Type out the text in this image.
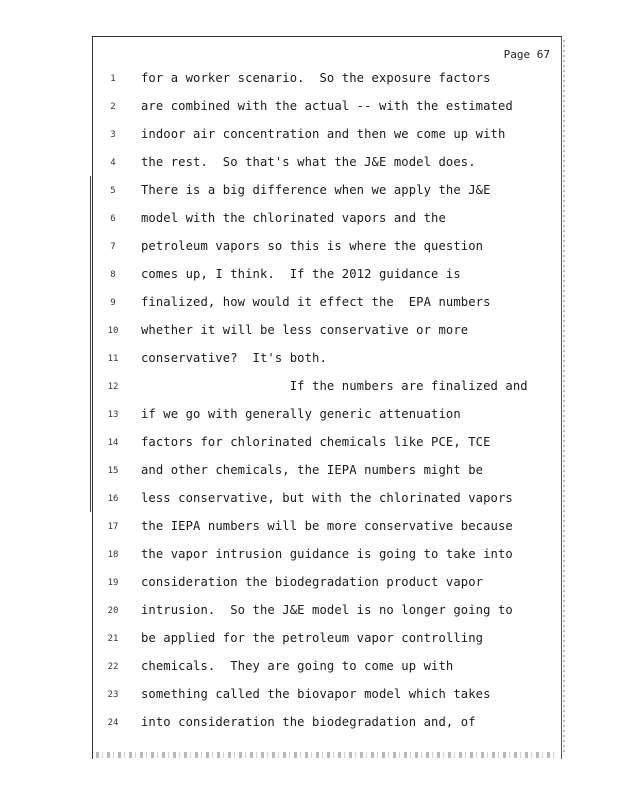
Page 67
1	for a worker scenario.  So the exposure factors
2	are combined with the actual -- with the estimated
3	indoor air concentration and then we come up with
4	the rest.  So that's what the J&E model does.
5	There is a big difference when we apply the J&E
6	model with the chlorinated vapors and the
7	petroleum vapors so this is where the question
8	comes up, I think.  If the 2012 guidance is
9	finalized, how would it effect the  EPA numbers
10	whether it will be less conservative or more
11	conservative?  It's both.
12	If the numbers are finalized and
13	if we go with generally generic attenuation
14	factors for chlorinated chemicals like PCE, TCE
15	and other chemicals, the IEPA numbers might be
16	less conservative, but with the chlorinated vapors
17	the IEPA numbers will be more conservative because
18	the vapor intrusion guidance is going to take into
19	consideration the biodegradation product vapor
20	intrusion.  So the J&E model is no longer going to
21	be applied for the petroleum vapor controlling
22	chemicals.  They are going to come up with
23	something called the biovapor model which takes
24	into consideration the biodegradation and, of
